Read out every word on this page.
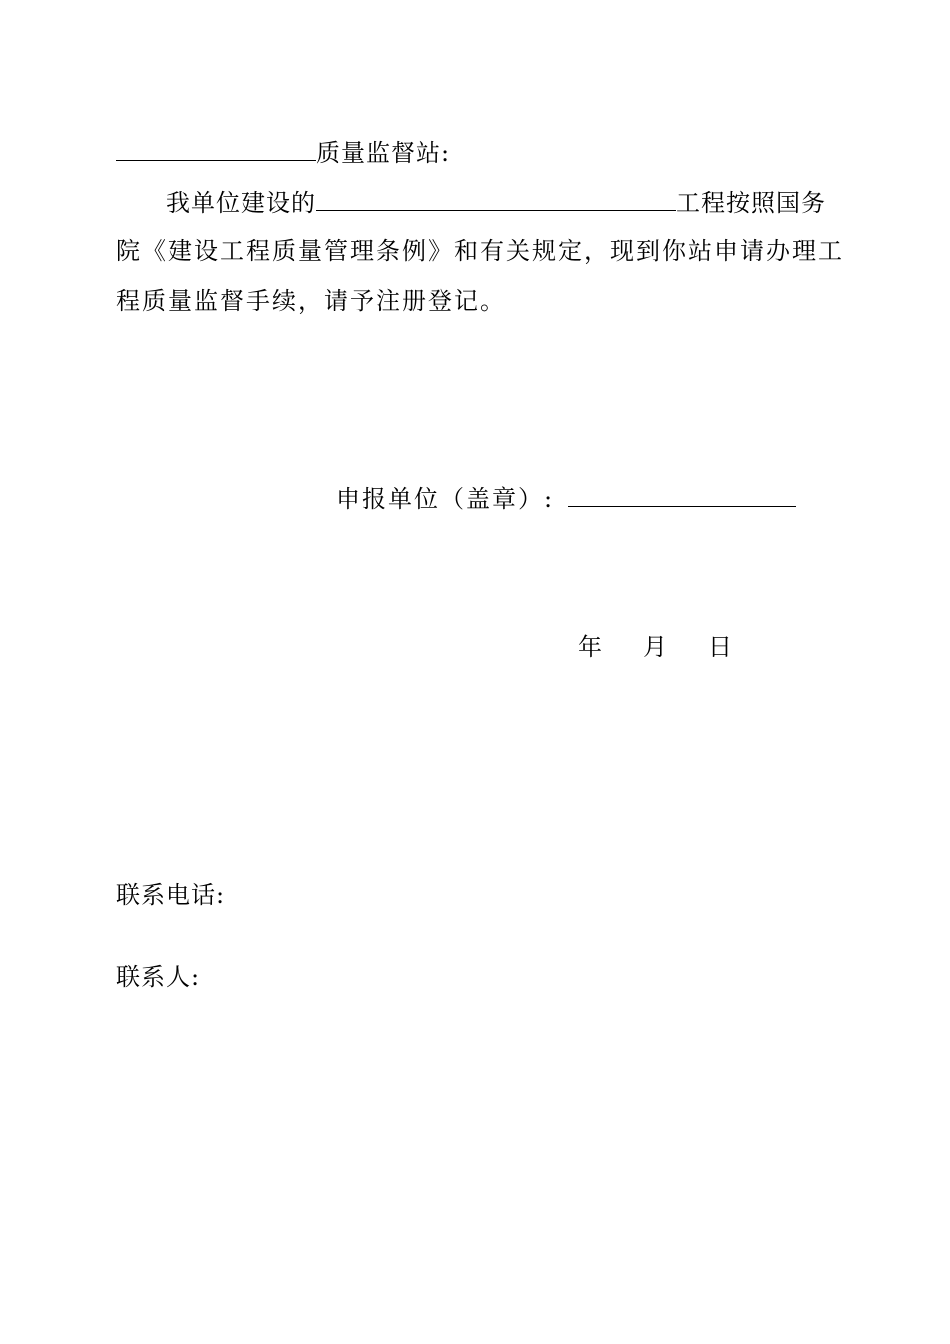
质量监督站:
我单位建设的	工程按照国务
院《建设工程质量管理条例》和有关规定，现到你站申请办理工
程质量监督手续，请予注册登记。
申报单位（盖章）:
年 月 日
联系电话:
联系人:
